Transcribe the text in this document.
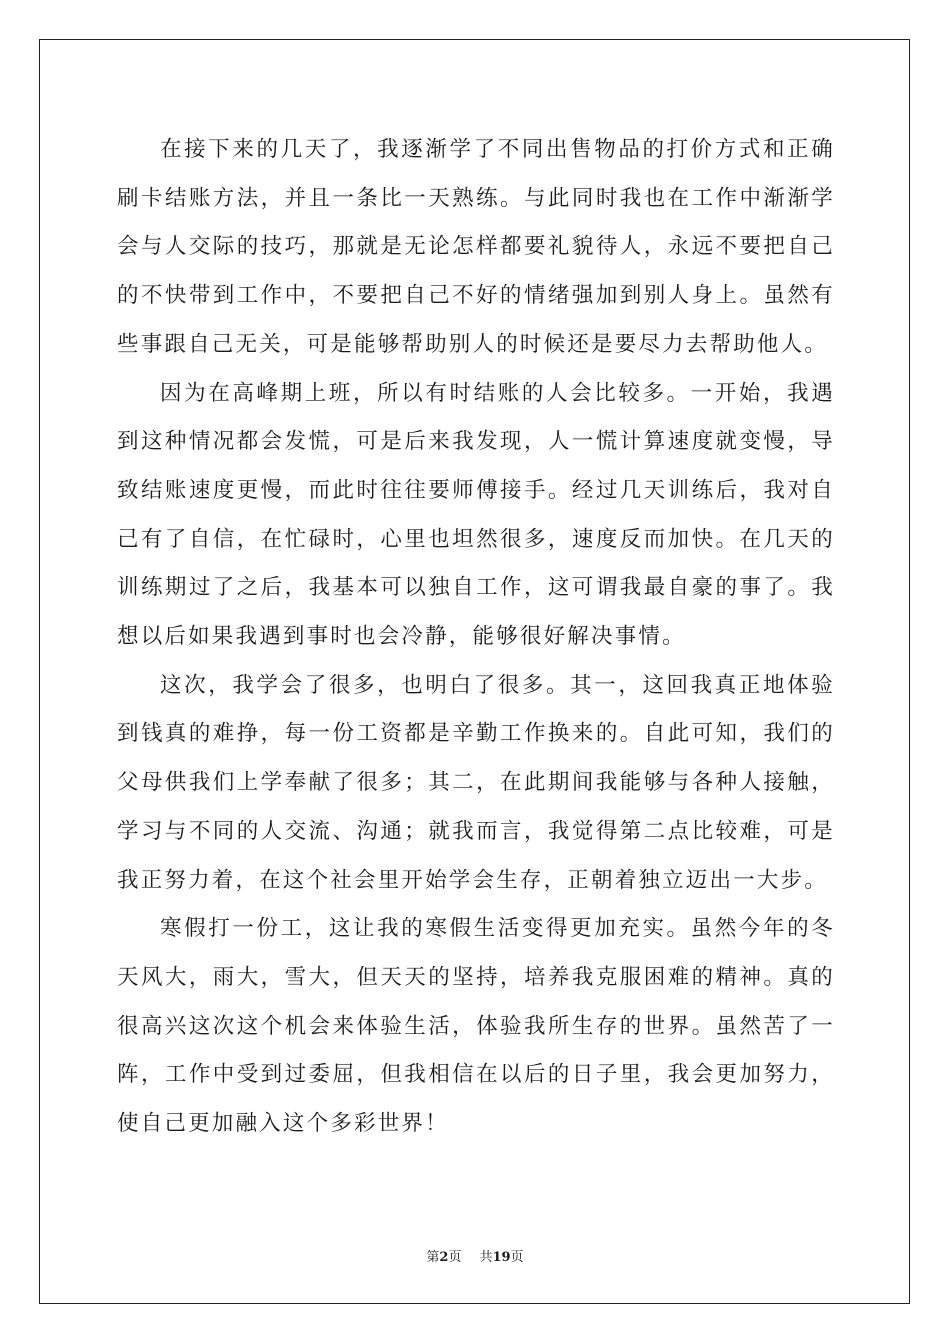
在接下来的几天了，我逐渐学了不同出售物品的打价方式和正确刷卡结账方法，并且一条比一天熟练。与此同时我也在工作中渐渐学会与人交际的技巧，那就是无论怎样都要礼貌待人，永远不要把自己的不快带到工作中，不要把自己不好的情绪强加到别人身上。虽然有些事跟自己无关，可是能够帮助别人的时候还是要尽力去帮助他人。

因为在高峰期上班，所以有时结账的人会比较多。一开始，我遇到这种情况都会发慌，可是后来我发现，人一慌计算速度就变慢，导致结账速度更慢，而此时往往要师傅接手。经过几天训练后，我对自己有了自信，在忙碌时，心里也坦然很多，速度反而加快。在几天的训练期过了之后，我基本可以独自工作，这可谓我最自豪的事了。我想以后如果我遇到事时也会冷静，能够很好解决事情。

这次，我学会了很多，也明白了很多。其一，这回我真正地体验到钱真的难挣，每一份工资都是辛勤工作换来的。自此可知，我们的父母供我们上学奉献了很多；其二，在此期间我能够与各种人接触，学习与不同的人交流、沟通；就我而言，我觉得第二点比较难，可是我正努力着，在这个社会里开始学会生存，正朝着独立迈出一大步。

寒假打一份工，这让我的寒假生活变得更加充实。虽然今年的冬天风大，雨大，雪大，但天天的坚持，培养我克服困难的精神。真的很高兴这次这个机会来体验生活，体验我所生存的世界。虽然苦了一阵，工作中受到过委屈，但我相信在以后的日子里，我会更加努力，使自己更加融入这个多彩世界！

第2页 共19页
